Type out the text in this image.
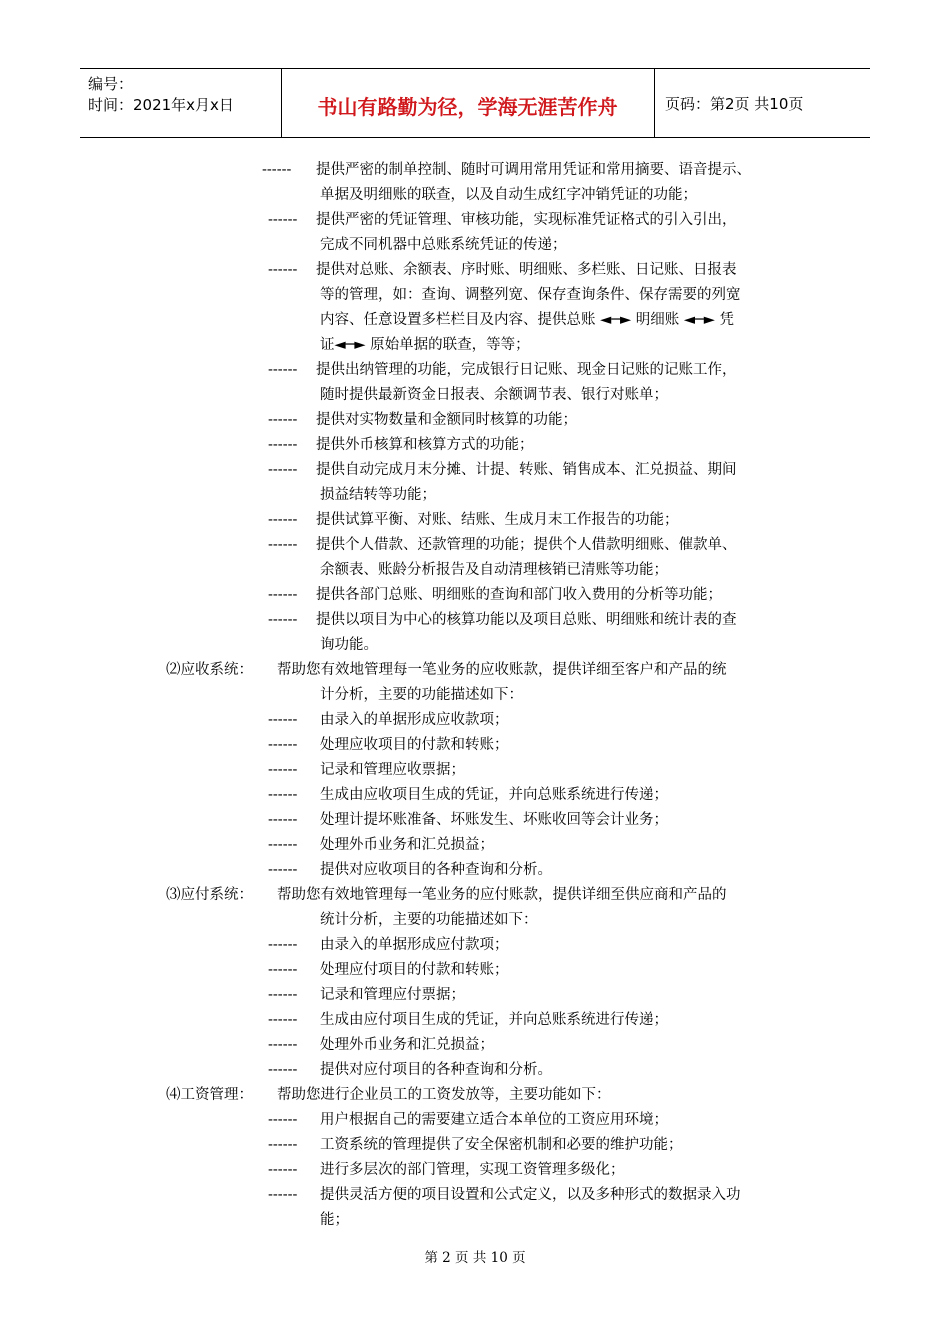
编号：
时间：2021年x月x日	书山有路勤为径，学海无涯苦作舟	页码：第2页 共10页
------ 提供严密的制单控制、随时可调用常用凭证和常用摘要、语音提示、
单据及明细账的联查，以及自动生成红字冲销凭证的功能；
------ 提供严密的凭证管理、审核功能，实现标准凭证格式的引入引出，
完成不同机器中总账系统凭证的传递；
------ 提供对总账、余额表、序时账、明细账、多栏账、日记账、日报表
等的管理，如：查询、调整列宽、保存查询条件、保存需要的列宽
内容、任意设置多栏栏目及内容、提供总账 ◄─► 明细账 ◄─► 凭
证◄─► 原始单据的联查，等等；
------ 提供出纳管理的功能，完成银行日记账、现金日记账的记账工作，
随时提供最新资金日报表、余额调节表、银行对账单；
------ 提供对实物数量和金额同时核算的功能；
------ 提供外币核算和核算方式的功能；
------ 提供自动完成月末分摊、计提、转账、销售成本、汇兑损益、期间
损益结转等功能；
------ 提供试算平衡、对账、结账、生成月末工作报告的功能；
------ 提供个人借款、还款管理的功能；提供个人借款明细账、催款单、
余额表、账龄分析报告及自动清理核销已清账等功能；
------ 提供各部门总账、明细账的查询和部门收入费用的分析等功能；
------ 提供以项目为中心的核算功能以及项目总账、明细账和统计表的查
询功能。
⑵应收系统： 帮助您有效地管理每一笔业务的应收账款，提供详细至客户和产品的统
计分析，主要的功能描述如下：
------ 由录入的单据形成应收款项；
------ 处理应收项目的付款和转账；
------ 记录和管理应收票据；
------ 生成由应收项目生成的凭证，并向总账系统进行传递；
------ 处理计提坏账准备、坏账发生、坏账收回等会计业务；
------ 处理外币业务和汇兑损益；
------ 提供对应收项目的各种查询和分析。
⑶应付系统： 帮助您有效地管理每一笔业务的应付账款，提供详细至供应商和产品的
统计分析，主要的功能描述如下：
------ 由录入的单据形成应付款项；
------ 处理应付项目的付款和转账；
------ 记录和管理应付票据；
------ 生成由应付项目生成的凭证，并向总账系统进行传递；
------ 处理外币业务和汇兑损益；
------ 提供对应付项目的各种查询和分析。
⑷工资管理： 帮助您进行企业员工的工资发放等，主要功能如下：
------ 用户根据自己的需要建立适合本单位的工资应用环境；
------ 工资系统的管理提供了安全保密机制和必要的维护功能；
------ 进行多层次的部门管理，实现工资管理多级化；
------ 提供灵活方便的项目设置和公式定义，以及多种形式的数据录入功
能；
第 2 页 共 10 页
